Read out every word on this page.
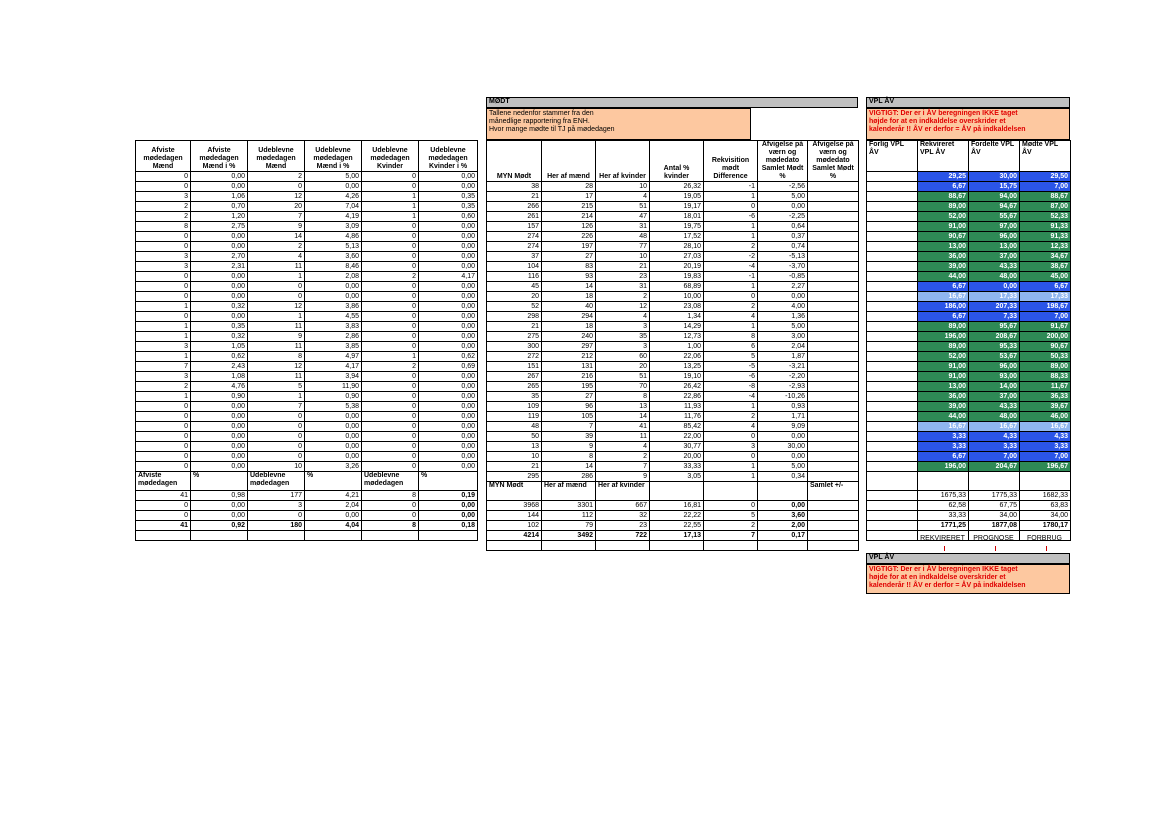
Afviste mødedagen Mænd	Afviste mødedagen Mænd i %	Udeblevne mødedagen Mænd	Udeblevne mødedagen Mænd i %	Udeblevne mødedagen Kvinder	Udeblevne mødedagen Kvinder i %
0	0,00	2	5,00	0	0,00
0	0,00	0	0,00	0	0,00
3	1,06	12	4,26	1	0,35
2	0,70	20	7,04	1	0,35
2	1,20	7	4,19	1	0,60
8	2,75	9	3,09	0	0,00
0	0,00	14	4,86	0	0,00
0	0,00	2	5,13	0	0,00
3	2,70	4	3,60	0	0,00
3	2,31	11	8,46	0	0,00
0	0,00	1	2,08	2	4,17
0	0,00	0	0,00	0	0,00
0	0,00	0	0,00	0	0,00
1	0,32	12	3,86	0	0,00
0	0,00	1	4,55	0	0,00
1	0,35	11	3,83	0	0,00
1	0,32	9	2,86	0	0,00
3	1,05	11	3,85	0	0,00
1	0,62	8	4,97	1	0,62
7	2,43	12	4,17	2	0,69
3	1,08	11	3,94	0	0,00
2	4,76	5	11,90	0	0,00
1	0,90	1	0,90	0	0,00
0	0,00	7	5,38	0	0,00
0	0,00	0	0,00	0	0,00
0	0,00	0	0,00	0	0,00
0	0,00	0	0,00	0	0,00
0	0,00	0	0,00	0	0,00
0	0,00	0	0,00	0	0,00
0	0,00	10	3,26	0	0,00
Afviste mødedagen	%	Udeblevne mødedagen	%	Udeblevne mødedagen	%
41	0,98	177	4,21	8	0,19
0	0,00	3	2,04	0	0,00
0	0,00	0	0,00	0	0,00
41	0,92	180	4,04	8	0,18

MØDT
Tallene nedenfor stammer fra den
månedlige rapportering fra ENH.
Hvor mange mødte til TJ på mødedagen
MYN Mødt	Her af mænd	Her af kvinder	Antal % kvinder	Rekvisition mødt Difference	Afvigelse på værn og mødedato Samlet Mødt %	Afvigelse på værn og mødedato Samlet Mødt %
38	28	10	26,32	-1	-2,56	
21	17	4	19,05	1	5,00	
266	215	51	19,17	0	0,00	
261	214	47	18,01	-6	-2,25	
157	126	31	19,75	1	0,64	
274	226	48	17,52	1	0,37	
274	197	77	28,10	2	0,74	
37	27	10	27,03	-2	-5,13	
104	83	21	20,19	-4	-3,70	
116	93	23	19,83	-1	-0,85	
45	14	31	68,89	1	2,27	
20	18	2	10,00	0	0,00	
52	40	12	23,08	2	4,00	
298	294	4	1,34	4	1,36	
21	18	3	14,29	1	5,00	
275	240	35	12,73	8	3,00	
300	297	3	1,00	6	2,04	
272	212	60	22,06	5	1,87	
151	131	20	13,25	-5	-3,21	
267	216	51	19,10	-6	-2,20	
265	195	70	26,42	-8	-2,93	
35	27	8	22,86	-4	-10,26	
109	96	13	11,93	1	0,93	
119	105	14	11,76	2	1,71	
48	7	41	85,42	4	9,09	
50	39	11	22,00	0	0,00	
13	9	4	30,77	3	30,00	
10	8	2	20,00	0	0,00	
21	14	7	33,33	1	5,00	
295	286	9	3,05	1	0,34	
MYN Mødt	Her af mænd	Her af kvinder				Samlet +/-
3968	3301	667	16,81	0	0,00	
144	112	32	22,22	5	3,60	
102	79	23	22,55	2	2,00	
4214	3492	722	17,13	7	0,17	

VPL ÅV
VIGTIGT: Der er i ÅV beregningen IKKE taget
højde for at en indkaldelse overskrider et
kalenderår !! ÅV er derfor = ÅV på indkaldelsen
Forlig VPL ÅV	Rekvireret VPL ÅV	Fordelte VPL ÅV	Mødte VPL ÅV
	29,25	30,00	29,50
	6,67	15,75	7,00
	88,67	94,00	88,67
	89,00	94,67	87,00
	52,00	55,67	52,33
	91,00	97,00	91,33
	90,67	96,00	91,33
	13,00	13,00	12,33
	36,00	37,00	34,67
	39,00	43,33	38,67
	44,00	48,00	45,00
	6,67	0,00	6,67
	16,67	17,33	17,33
	186,00	207,33	198,67
	6,67	7,33	7,00
	89,00	95,67	91,67
	196,00	208,67	200,00
	89,00	95,33	90,67
	52,00	53,67	50,33
	91,00	96,00	89,00
	91,00	93,00	88,33
	13,00	14,00	11,67
	36,00	37,00	36,33
	39,00	43,33	39,67
	44,00	48,00	46,00
	16,67	16,67	16,67
	3,33	4,33	4,33
	3,33	3,33	3,33
	6,67	7,00	7,00
	196,00	204,67	196,67

	1675,33	1775,33	1682,33
	62,58	67,75	63,83
	33,33	34,00	34,00
	1771,25	1877,08	1780,17

REKVIRERET	PROGNOSE	FORBRUG
VPL ÅV
VIGTIGT: Der er i ÅV beregningen IKKE taget
højde for at en indkaldelse overskrider et
kalenderår !! ÅV er derfor = ÅV på indkaldelsen
